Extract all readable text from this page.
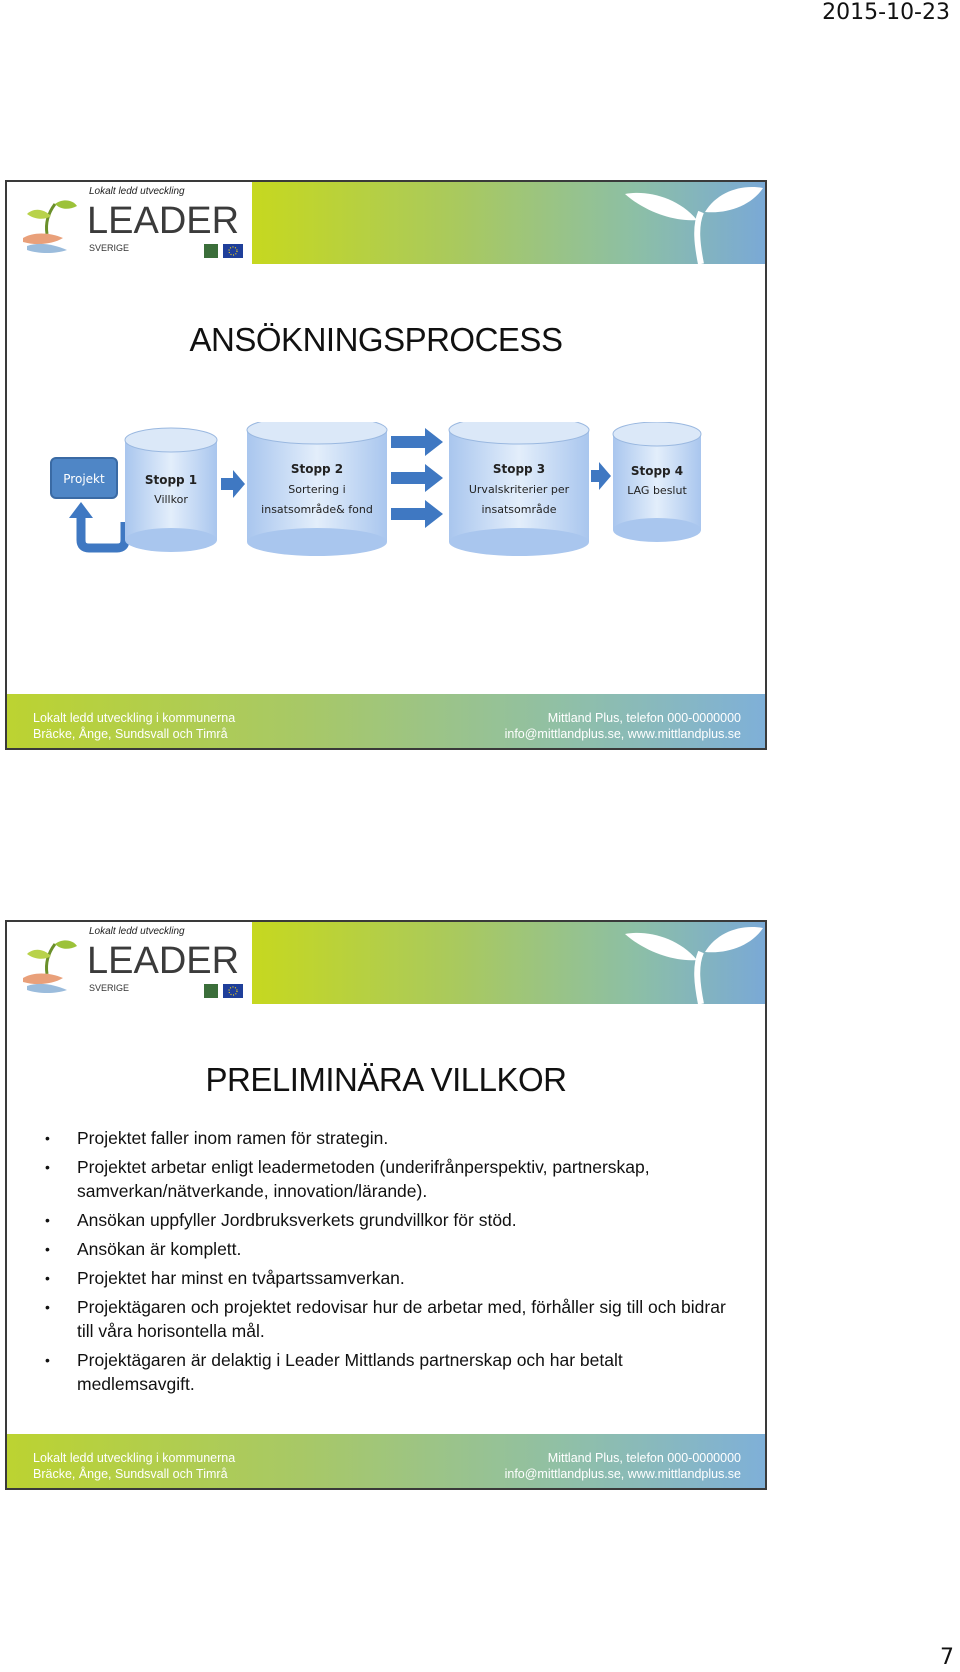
2015-10-23
Lokalt ledd utveckling
LEADER
SVERIGE
ANSÖKNINGSPROCESS
Projekt	Stopp 1
Villkor
Stopp 2
Sortering i
insatsområde& fond
Stopp 3
Urvalskriterier per
insatsområde
Stopp 4
LAG beslut
Lokalt ledd utveckling i kommunerna
Bräcke, Ånge, Sundsvall och Timrå
Mittland Plus, telefon 000-0000000
info@mittlandplus.se, www.mittlandplus.se
Lokalt ledd utveckling
LEADER
SVERIGE
PRELIMINÄRA VILLKOR
• Projektet faller inom ramen för strategin.
• Projektet arbetar enligt leadermetoden (underifrånperspektiv, partnerskap, samverkan/nätverkande, innovation/lärande).
• Ansökan uppfyller Jordbruksverkets grundvillkor för stöd.
• Ansökan är komplett.
• Projektet har minst en tvåpartssamverkan.
• Projektägaren och projektet redovisar hur de arbetar med, förhåller sig till och bidrar till våra horisontella mål.
• Projektägaren är delaktig i Leader Mittlands partnerskap och har betalt medlemsavgift.
Lokalt ledd utveckling i kommunerna
Bräcke, Ånge, Sundsvall och Timrå
Mittland Plus, telefon 000-0000000
info@mittlandplus.se, www.mittlandplus.se
7
